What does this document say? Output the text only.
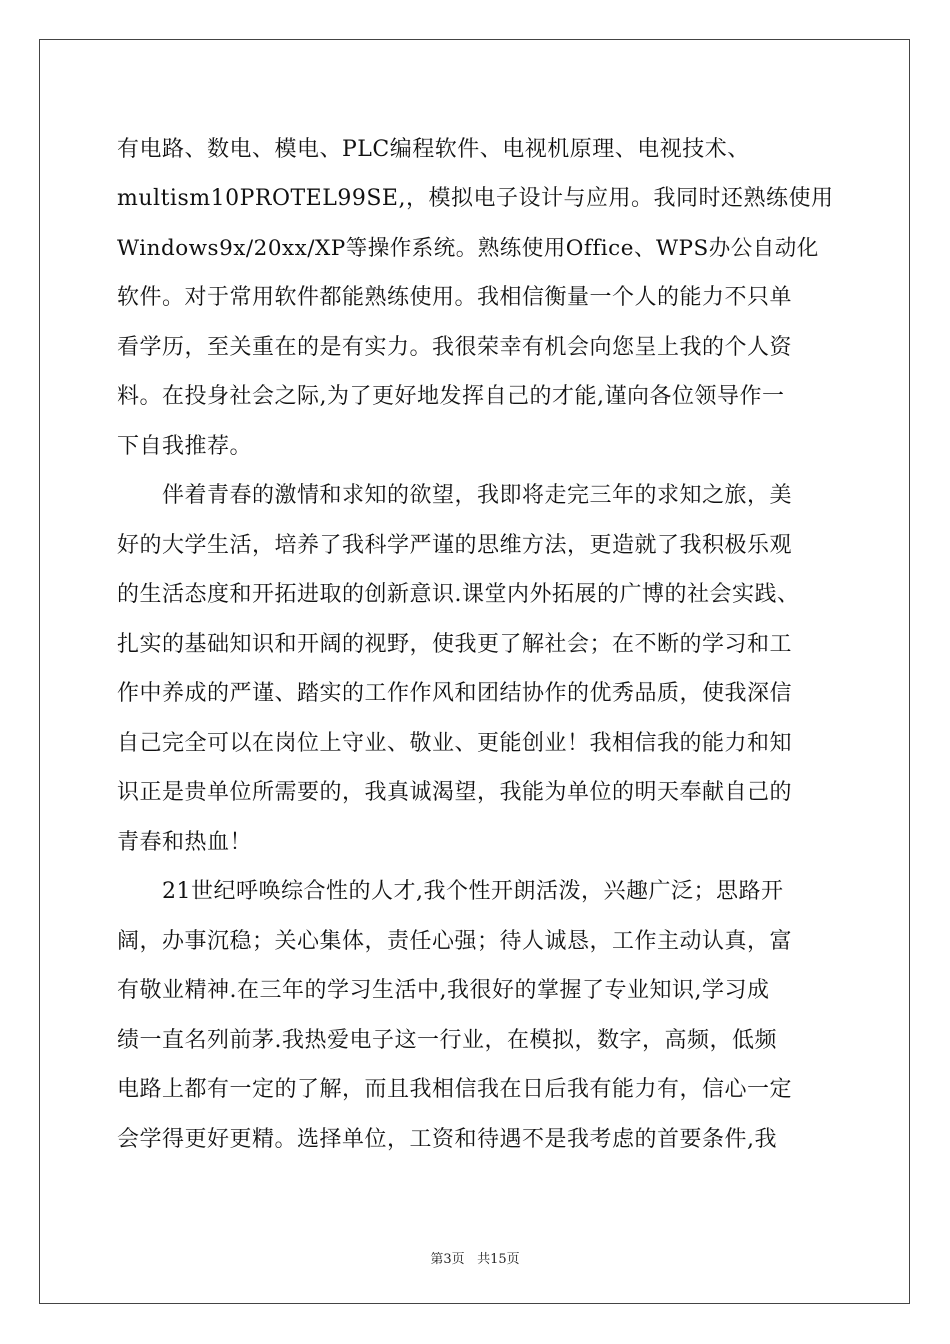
有电路、数电、模电、PLC编程软件、电视机原理、电视技术、
multism10PROTEL99SE,，模拟电子设计与应用。我同时还熟练使用
Windows9x/20xx/XP等操作系统。熟练使用Office、WPS办公自动化
软件。对于常用软件都能熟练使用。我相信衡量一个人的能力不只单
看学历，至关重在的是有实力。我很荣幸有机会向您呈上我的个人资
料。在投身社会之际,为了更好地发挥自己的才能,谨向各位领导作一
下自我推荐。
伴着青春的激情和求知的欲望，我即将走完三年的求知之旅，美
好的大学生活，培养了我科学严谨的思维方法，更造就了我积极乐观
的生活态度和开拓进取的创新意识.课堂内外拓展的广博的社会实践、
扎实的基础知识和开阔的视野，使我更了解社会；在不断的学习和工
作中养成的严谨、踏实的工作作风和团结协作的优秀品质，使我深信
自己完全可以在岗位上守业、敬业、更能创业！我相信我的能力和知
识正是贵单位所需要的，我真诚渴望，我能为单位的明天奉献自己的
青春和热血！
21世纪呼唤综合性的人才,我个性开朗活泼，兴趣广泛；思路开
阔，办事沉稳；关心集体，责任心强；待人诚恳，工作主动认真，富
有敬业精神.在三年的学习生活中,我很好的掌握了专业知识,学习成
绩一直名列前茅.我热爱电子这一行业，在模拟，数字，高频，低频
电路上都有一定的了解，而且我相信我在日后我有能力有，信心一定
会学得更好更精。选择单位，工资和待遇不是我考虑的首要条件,我
第3页 共15页
